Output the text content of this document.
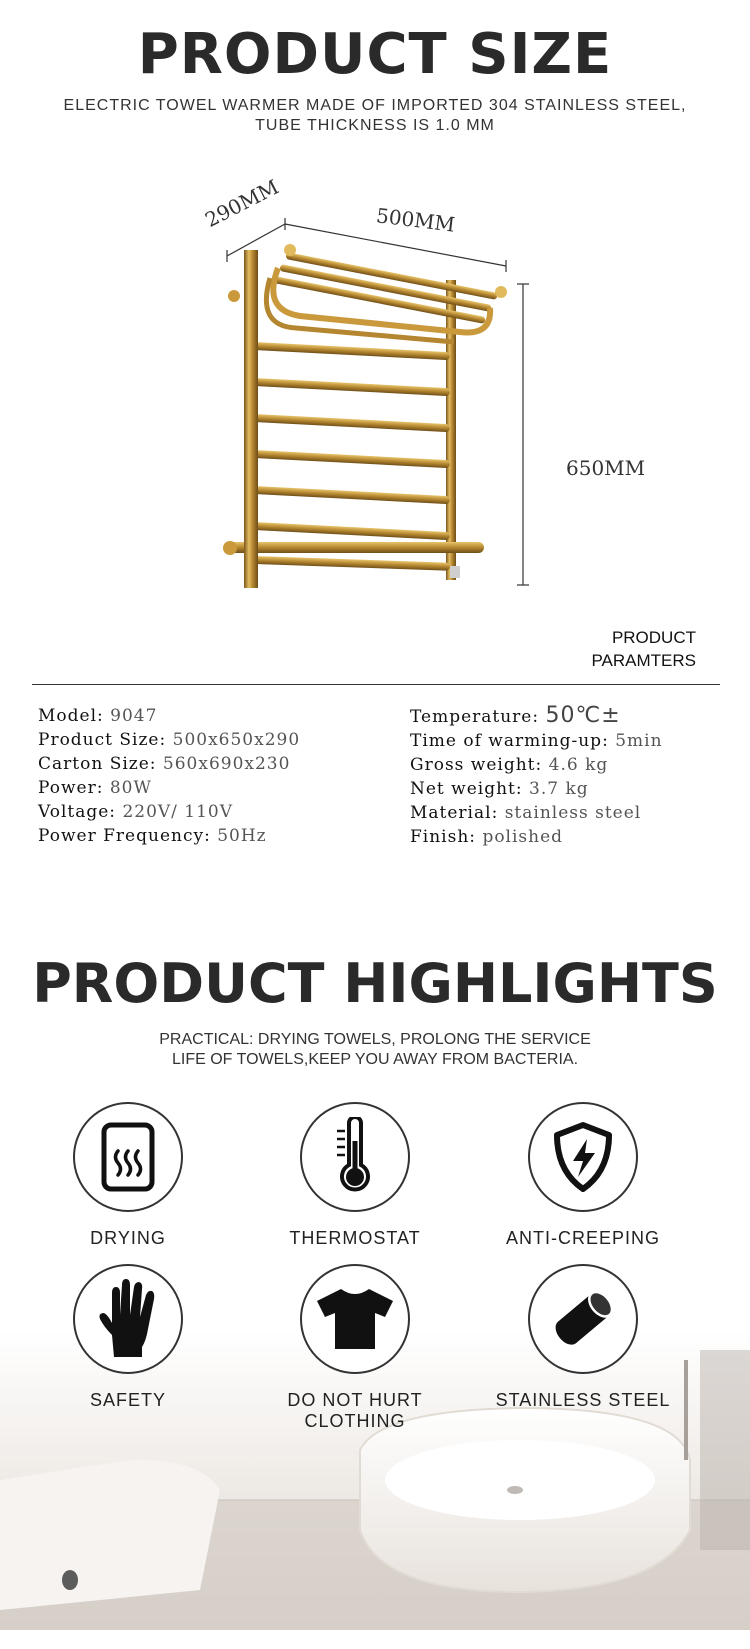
PRODUCT SIZE
ELECTRIC TOWEL WARMER MADE OF IMPORTED 304 STAINLESS STEEL,
TUBE THICKNESS IS 1.0 MM
290MM	500MM
650MM
PRODUCT
PARAMTERS
Model: 9047
Product Size: 500x650x290
Carton Size: 560x690x230
Power: 80W
Voltage: 220V/ 110V
Power Frequency: 50Hz
Temperature: 50℃±
Time of warming-up: 5min
Gross weight: 4.6 kg
Net weight: 3.7 kg
Material: stainless steel
Finish: polished
PRODUCT HIGHLIGHTS
PRACTICAL: DRYING TOWELS, PROLONG THE SERVICE
LIFE OF TOWELS,KEEP YOU AWAY FROM BACTERIA.
DRYING	THERMOSTAT	ANTI-CREEPING
SAFETY	DO NOT HURT CLOTHING
STAINLESS STEEL
